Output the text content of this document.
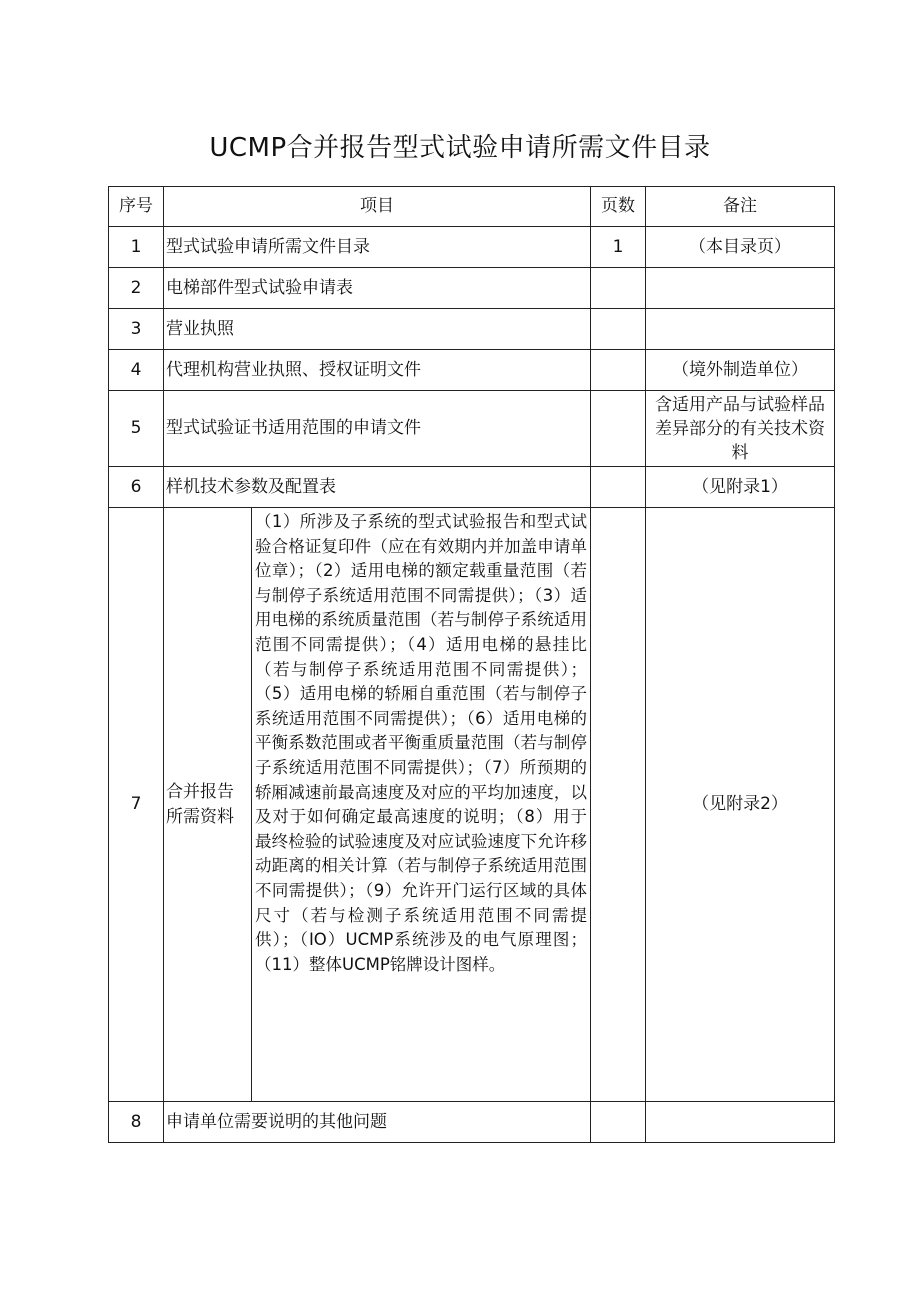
UCMP合并报告型式试验申请所需文件目录
序号	项目		页数	备注
1	型式试验申请所需文件目录		1	（本目录页）
2	电梯部件型式试验申请表			
3	营业执照			
4	代理机构营业执照、授权证明文件			（境外制造单位）
5	型式试验证书适用范围的申请文件			含适用产品与试验样品差异部分的有关技术资料
6	样机技术参数及配置表			（见附录1）
7	合并报告所需资料	（1）所涉及子系统的型式试验报告和型式试验合格证复印件（应在有效期内并加盖申请单位章）；（2）适用电梯的额定载重量范围（若与制停子系统适用范围不同需提供）；（3）适用电梯的系统质量范围（若与制停子系统适用范围不同需提供）；（4）适用电梯的悬挂比（若与制停子系统适用范围不同需提供）；（5）适用电梯的轿厢自重范围（若与制停子系统适用范围不同需提供）；（6）适用电梯的平衡系数范围或者平衡重质量范围（若与制停子系统适用范围不同需提供）；（7）所预期的轿厢减速前最高速度及对应的平均加速度，以及对于如何确定最高速度的说明；（8）用于最终检验的试验速度及对应试验速度下允许移动距离的相关计算（若与制停子系统适用范围不同需提供）；（9）允许开门运行区域的具体尺寸（若与检测子系统适用范围不同需提供）；（IO）UCMP系统涉及的电气原理图；（11）整体UCMP铭牌设计图样。		（见附录2）
8	申请单位需要说明的其他问题			
